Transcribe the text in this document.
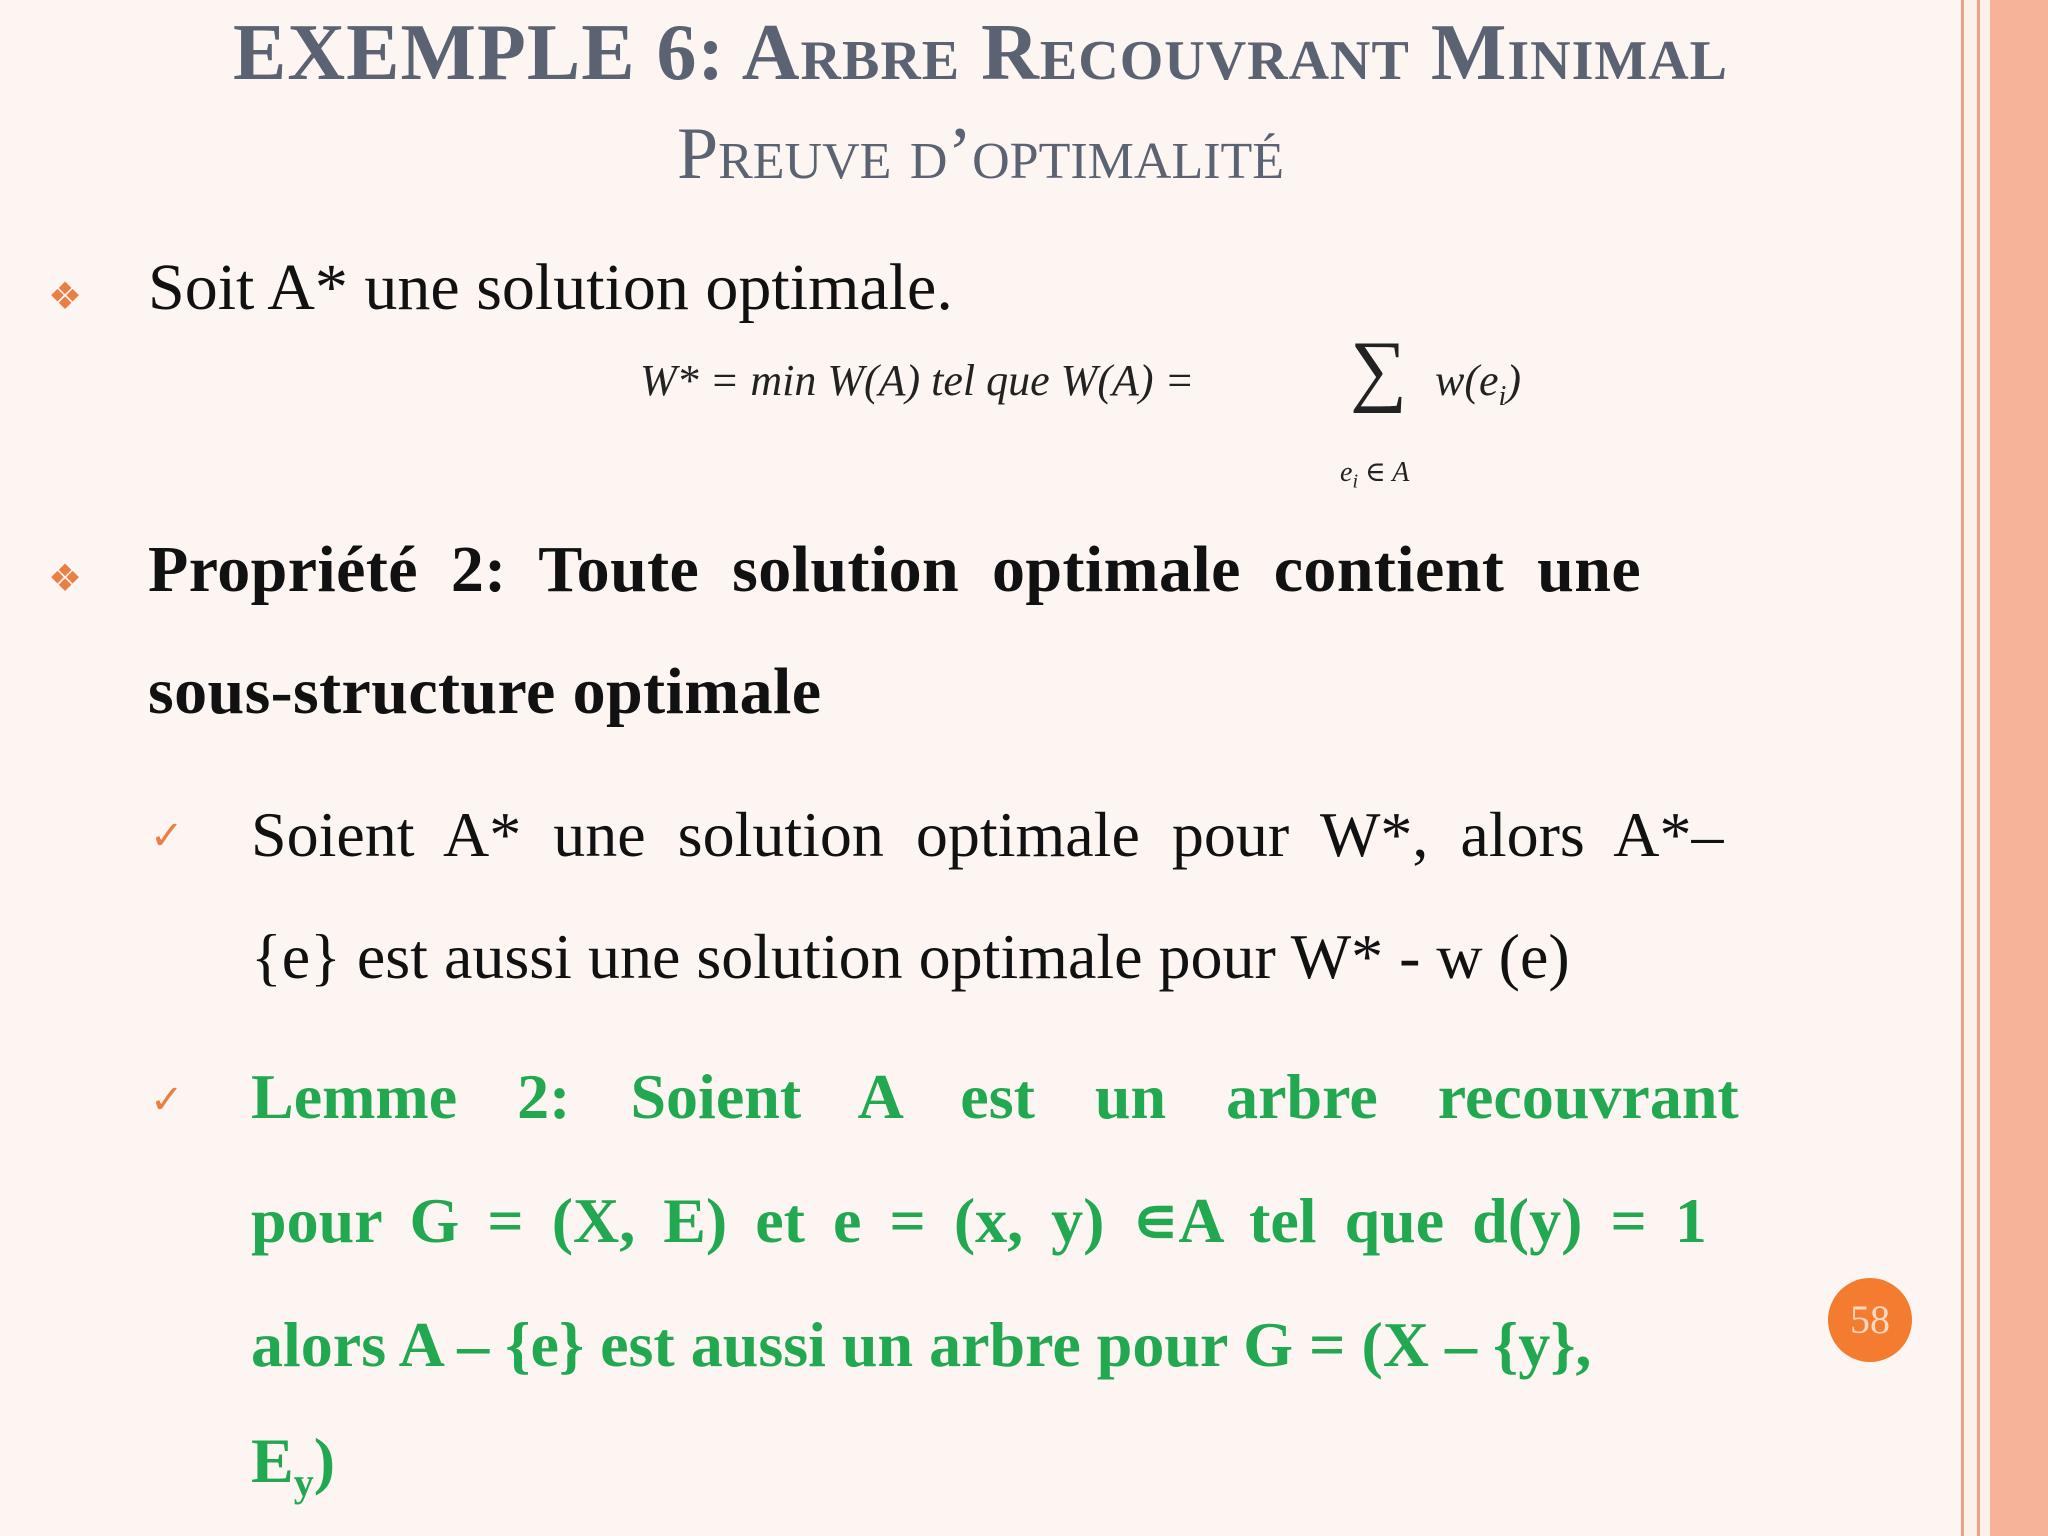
EXEMPLE 6: Arbre Recouvrant Minimal
Preuve d’optimalité
❖ Soit A* une solution optimale.
W* = min W(A) tel que W(A) = ∑
$e_i$ ∈ A
$w(e_i)$
❖ Propriété 2: Toute solution optimale contient une
sous-structure optimale
✓ Soient A* une solution optimale pour W*, alors A*–
{e} est aussi une solution optimale pour W* - w (e)
✓ Lemme 2: Soient A est un arbre recouvrant
pour G = (X, E) et e = (x, y) ∊A tel que d(y) = 1
alors A – {e} est aussi un arbre pour G = (X – {y},
$E_y$)
58
